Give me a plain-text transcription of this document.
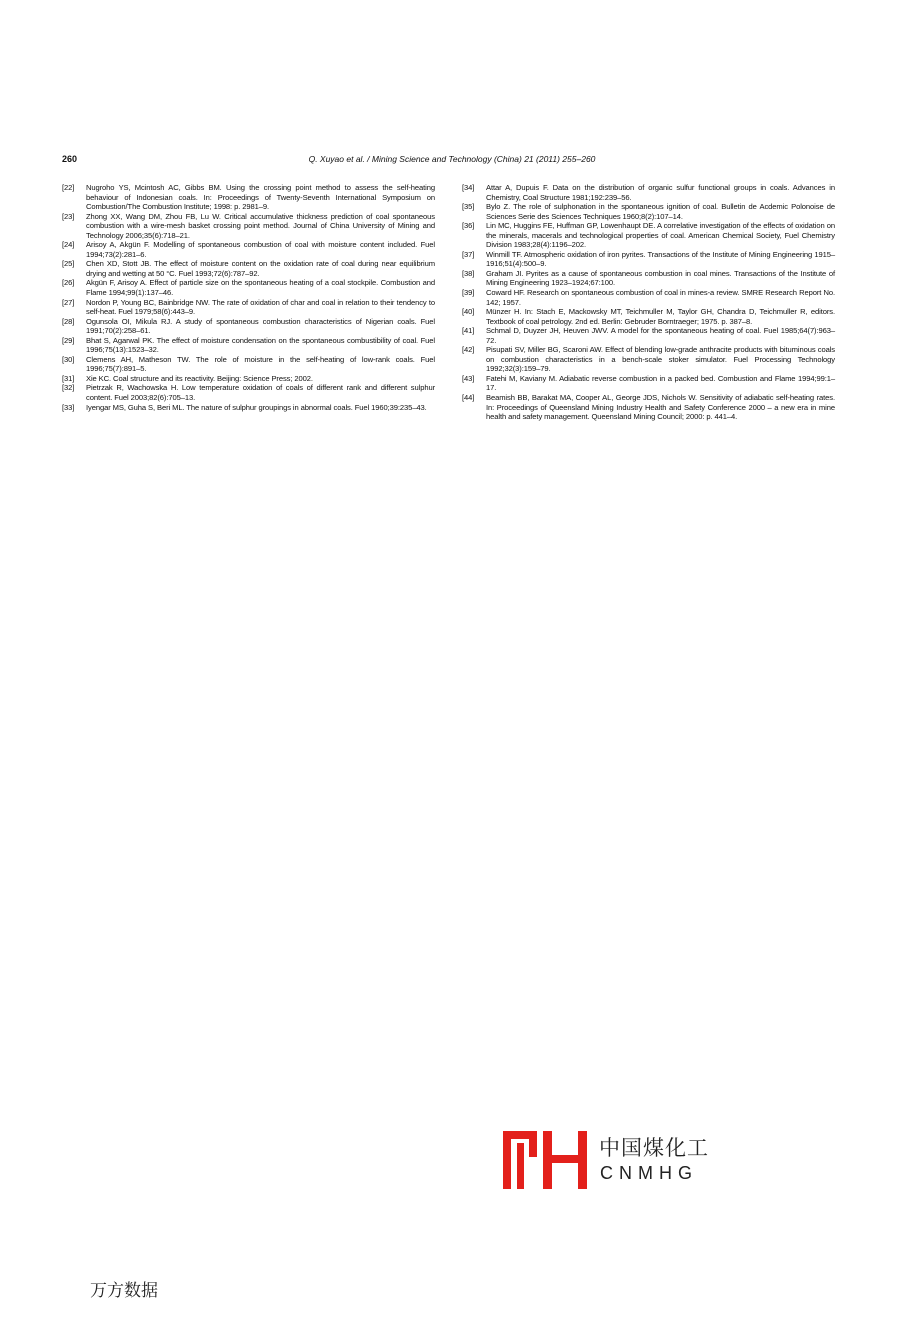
260	Q. Xuyao et al. / Mining Science and Technology (China) 21 (2011) 255–260

[22] Nugroho YS, Mcintosh AC, Gibbs BM. Using the crossing point method to assess the self-heating behaviour of Indonesian coals. In: Proceedings of Twenty-Seventh International Symposium on Combustion/The Combustion Institute; 1998: p. 2981–9.

[23] Zhong XX, Wang DM, Zhou FB, Lu W. Critical accumulative thickness prediction of coal spontaneous combustion with a wire-mesh basket crossing point method. Journal of China University of Mining and Technology 2006;35(6):718–21.

[24] Arisoy A, Akgün F. Modelling of spontaneous combustion of coal with moisture content included. Fuel 1994;73(2):281–6.

[25] Chen XD, Stott JB. The effect of moisture content on the oxidation rate of coal during near equilibrium drying and wetting at 50 °C. Fuel 1993;72(6):787–92.

[26] Akgün F, Arisoy A. Effect of particle size on the spontaneous heating of a coal stockpile. Combustion and Flame 1994;99(1):137–46.

[27] Nordon P, Young BC, Bainbridge NW. The rate of oxidation of char and coal in relation to their tendency to self-heat. Fuel 1979;58(6):443–9.

[28] Ogunsola OI, Mikula RJ. A study of spontaneous combustion characteristics of Nigerian coals. Fuel 1991;70(2):258–61.

[29] Bhat S, Agarwal PK. The effect of moisture condensation on the spontaneous combustibility of coal. Fuel 1996;75(13):1523–32.

[30] Clemens AH, Matheson TW. The role of moisture in the self-heating of low-rank coals. Fuel 1996;75(7):891–5.

[31] Xie KC. Coal structure and its reactivity. Beijing: Science Press; 2002.

[32] Pietrzak R, Wachowska H. Low temperature oxidation of coals of different rank and different sulphur content. Fuel 2003;82(6):705–13.

[33] Iyengar MS, Guha S, Beri ML. The nature of sulphur groupings in abnormal coals. Fuel 1960;39:235–43.

[34] Attar A, Dupuis F. Data on the distribution of organic sulfur functional groups in coals. Advances in Chemistry, Coal Structure 1981;192:239–56.

[35] Bylo Z. The role of sulphonation in the spontaneous ignition of coal. Bulletin de Acdemic Polonoise de Sciences Serie des Sciences Techniques 1960;8(2):107–14.

[36] Lin MC, Huggins FE, Huffman GP, Lowenhaupt DE. A correlative investigation of the effects of oxidation on the minerals, macerals and technological properties of coal. American Chemical Society, Fuel Chemistry Division 1983;28(4):1196–202.

[37] Winmill TF. Atmospheric oxidation of iron pyrites. Transactions of the Institute of Mining Engineering 1915–1916;51(4):500–9.

[38] Graham JI. Pyrites as a cause of spontaneous combustion in coal mines. Transactions of the Institute of Mining Engineering 1923–1924;67:100.

[39] Coward HF. Research on spontaneous combustion of coal in mines-a review. SMRE Research Report No. 142; 1957.

[40] Münzer H. In: Stach E, Mackowsky MT, Teichmuller M, Taylor GH, Chandra D, Teichmuller R, editors. Textbook of coal petrology. 2nd ed. Berlin: Gebruder Borntraeger; 1975. p. 387–8.

[41] Schmal D, Duyzer JH, Heuven JWV. A model for the spontaneous heating of coal. Fuel 1985;64(7):963–72.

[42] Pisupati SV, Miller BG, Scaroni AW. Effect of blending low-grade anthracite products with bituminous coals on combustion characteristics in a bench-scale stoker simulator. Fuel Processing Technology 1992;32(3):159–79.

[43] Fatehi M, Kaviany M. Adiabatic reverse combustion in a packed bed. Combustion and Flame 1994;99:1–17.

[44] Beamish BB, Barakat MA, Cooper AL, George JDS, Nichols W. Sensitivity of adiabatic self-heating rates. In: Proceedings of Queensland Mining Industry Health and Safety Conference 2000 – a new era in mine health and safety management. Queensland Mining Council; 2000: p. 441–4.

中国煤化工
CNMHG
万方数据
